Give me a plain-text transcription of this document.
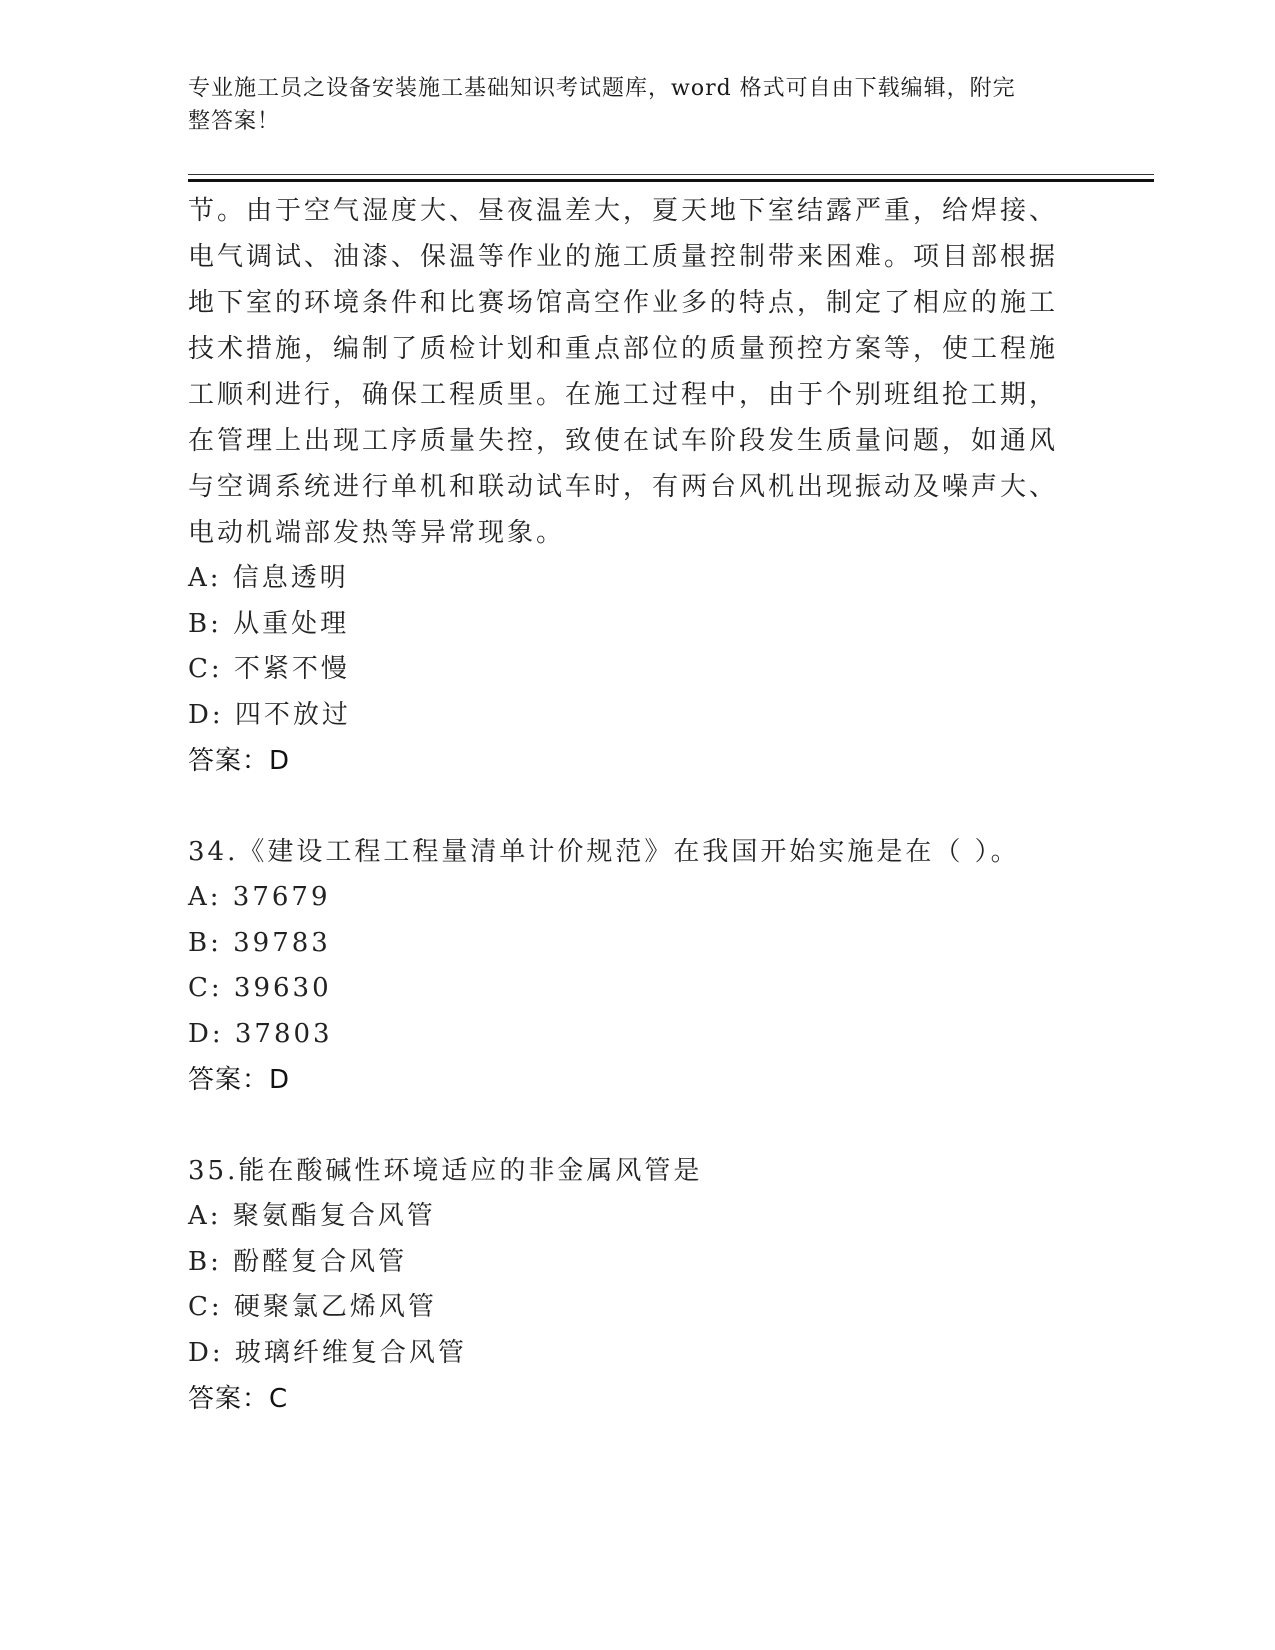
专业施工员之设备安装施工基础知识考试题库，word 格式可自由下载编辑，附完
整答案！
节。由于空气湿度大、昼夜温差大，夏天地下室结露严重，给焊接、
电气调试、油漆、保温等作业的施工质量控制带来困难。项目部根据
地下室的环境条件和比赛场馆高空作业多的特点，制定了相应的施工
技术措施，编制了质检计划和重点部位的质量预控方案等，使工程施
工顺利进行，确保工程质里。在施工过程中，由于个别班组抢工期，
在管理上出现工序质量失控，致使在试车阶段发生质量问题，如通风
与空调系统进行单机和联动试车时，有两台风机出现振动及噪声大、
电动机端部发热等异常现象。
A: 信息透明
B: 从重处理
C: 不紧不慢
D: 四不放过
答案：D
34.《建设工程工程量清单计价规范》在我国开始实施是在（ ）。
A: 37679
B: 39783
C: 39630
D: 37803
答案：D
35.能在酸碱性环境适应的非金属风管是
A: 聚氨酯复合风管
B: 酚醛复合风管
C: 硬聚氯乙烯风管
D: 玻璃纤维复合风管
答案：C
